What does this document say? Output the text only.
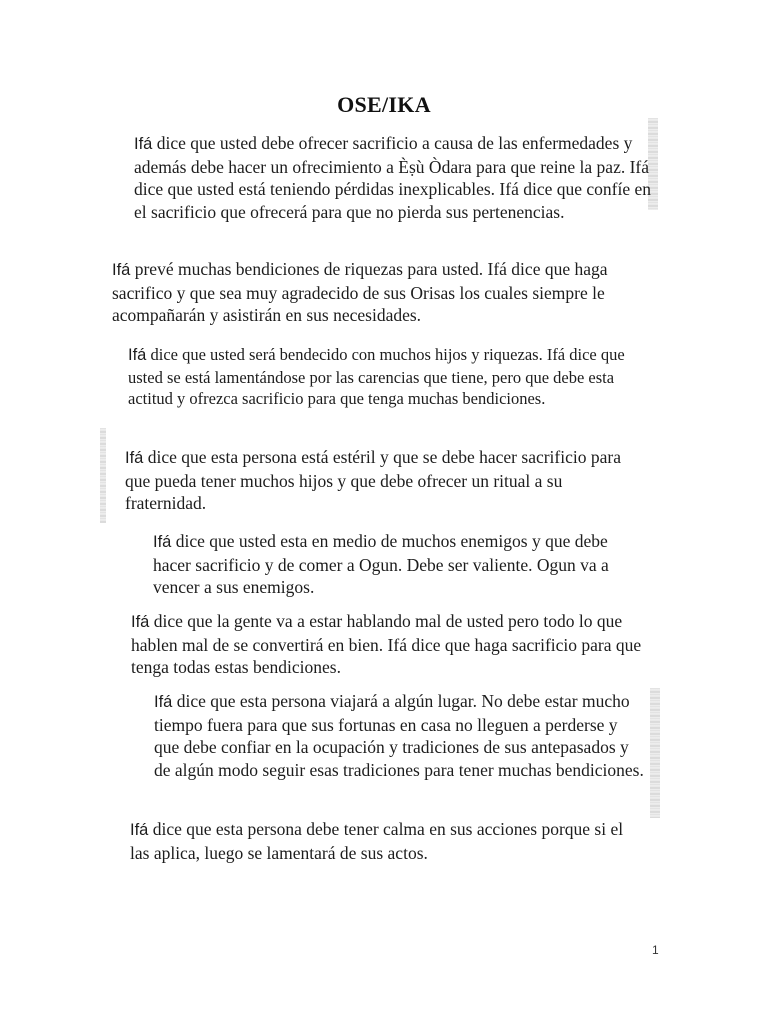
OSE/IKA

Ifá dice que usted debe ofrecer sacrificio a causa de las enfermedades y además debe hacer un ofrecimiento a Èṣù Òdara para que reine la paz. Ifá dice que usted está teniendo pérdidas inexplicables. Ifá dice que confíe en el sacrificio que ofrecerá para que no pierda sus pertenencias.

Ifá prevé muchas bendiciones de riquezas para usted. Ifá dice que haga sacrifico y que sea muy agradecido de sus Orisas los cuales siempre le acompañarán y asistirán en sus necesidades.

Ifá dice que usted será bendecido con muchos hijos y riquezas. Ifá dice que usted se está lamentándose por las carencias que tiene, pero que debe esta actitud y ofrezca sacrificio para que tenga muchas bendiciones.

Ifá dice que esta persona está estéril y que se debe hacer sacrificio para que pueda tener muchos hijos y que debe ofrecer un ritual a su fraternidad.

Ifá dice que usted esta en medio de muchos enemigos y que debe hacer sacrificio y de comer a Ogun. Debe ser valiente. Ogun va a vencer a sus enemigos.

Ifá dice que la gente va a estar hablando mal de usted pero todo lo que hablen mal de se convertirá en bien. Ifá dice que haga sacrificio para que tenga todas estas bendiciones.

Ifá dice que esta persona viajará a algún lugar. No debe estar mucho tiempo fuera para que sus fortunas en casa no lleguen a perderse y que debe confiar en la ocupación y tradiciones de sus antepasados y de algún modo seguir esas tradiciones para tener muchas bendiciones.

Ifá dice que esta persona debe tener calma en sus acciones porque si el las aplica, luego se lamentará de sus actos.

1
